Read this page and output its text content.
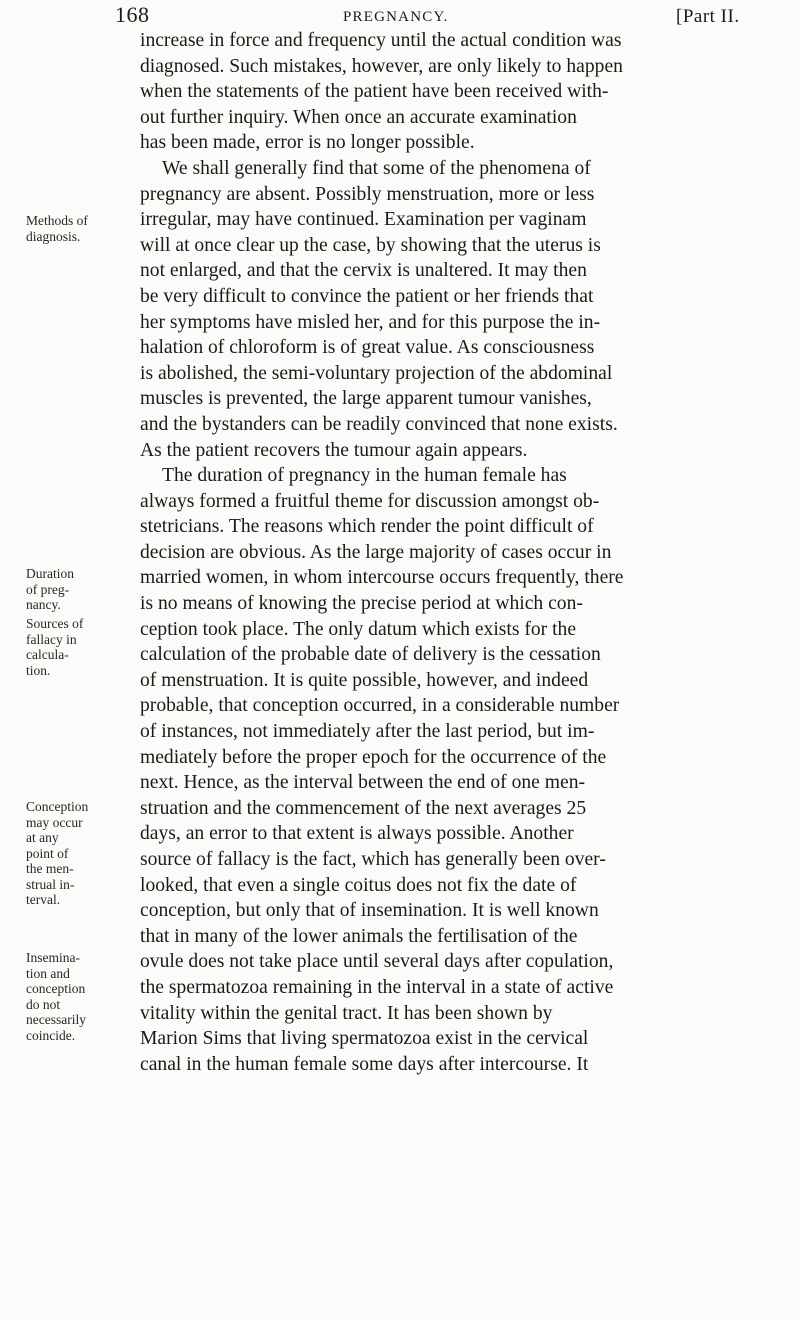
168	PREGNANCY.	[Part II.
Methods of
diagnosis.
Duration
of preg-
nancy.
Sources of
fallacy in
calcula-
tion.
Conception
may occur
at any
point of
the men-
strual in-
terval.
Insemina-
tion and
conception
do not
necessarily
coincide.
increase in force and frequency until the actual condition was
diagnosed. Such mistakes, however, are only likely to happen
when the statements of the patient have been received with-
out further inquiry. When once an accurate examination
has been made, error is no longer possible.
We shall generally find that some of the phenomena of
pregnancy are absent. Possibly menstruation, more or less
irregular, may have continued. Examination per vaginam
will at once clear up the case, by showing that the uterus is
not enlarged, and that the cervix is unaltered. It may then
be very difficult to convince the patient or her friends that
her symptoms have misled her, and for this purpose the in-
halation of chloroform is of great value. As consciousness
is abolished, the semi-voluntary projection of the abdominal
muscles is prevented, the large apparent tumour vanishes,
and the bystanders can be readily convinced that none exists.
As the patient recovers the tumour again appears.
The duration of pregnancy in the human female has
always formed a fruitful theme for discussion amongst ob-
stetricians. The reasons which render the point difficult of
decision are obvious. As the large majority of cases occur in
married women, in whom intercourse occurs frequently, there
is no means of knowing the precise period at which con-
ception took place. The only datum which exists for the
calculation of the probable date of delivery is the cessation
of menstruation. It is quite possible, however, and indeed
probable, that conception occurred, in a considerable number
of instances, not immediately after the last period, but im-
mediately before the proper epoch for the occurrence of the
next. Hence, as the interval between the end of one men-
struation and the commencement of the next averages 25
days, an error to that extent is always possible. Another
source of fallacy is the fact, which has generally been over-
looked, that even a single coitus does not fix the date of
conception, but only that of insemination. It is well known
that in many of the lower animals the fertilisation of the
ovule does not take place until several days after copulation,
the spermatozoa remaining in the interval in a state of active
vitality within the genital tract. It has been shown by
Marion Sims that living spermatozoa exist in the cervical
canal in the human female some days after intercourse. It
